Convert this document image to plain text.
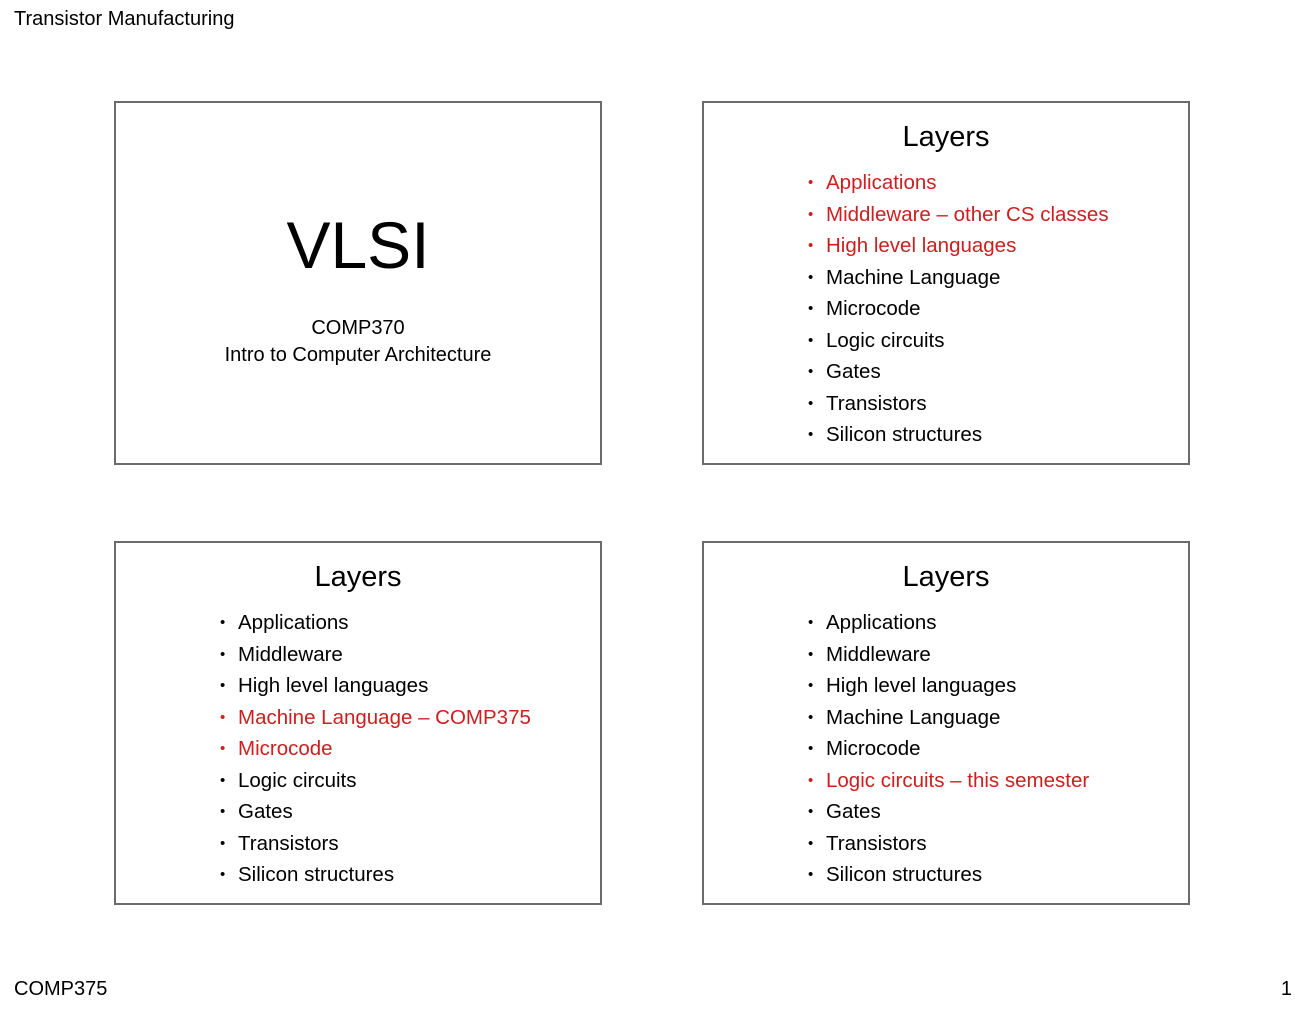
Transistor Manufacturing
VLSI
COMP370
Intro to Computer Architecture
Layers
• Applications
• Middleware – other CS classes
• High level languages
• Machine Language
• Microcode
• Logic circuits
• Gates
• Transistors
• Silicon structures
Layers
• Applications
• Middleware
• High level languages
• Machine Language – COMP375
• Microcode
• Logic circuits
• Gates
• Transistors
• Silicon structures
Layers
• Applications
• Middleware
• High level languages
• Machine Language
• Microcode
• Logic circuits – this semester
• Gates
• Transistors
• Silicon structures
COMP375	1
